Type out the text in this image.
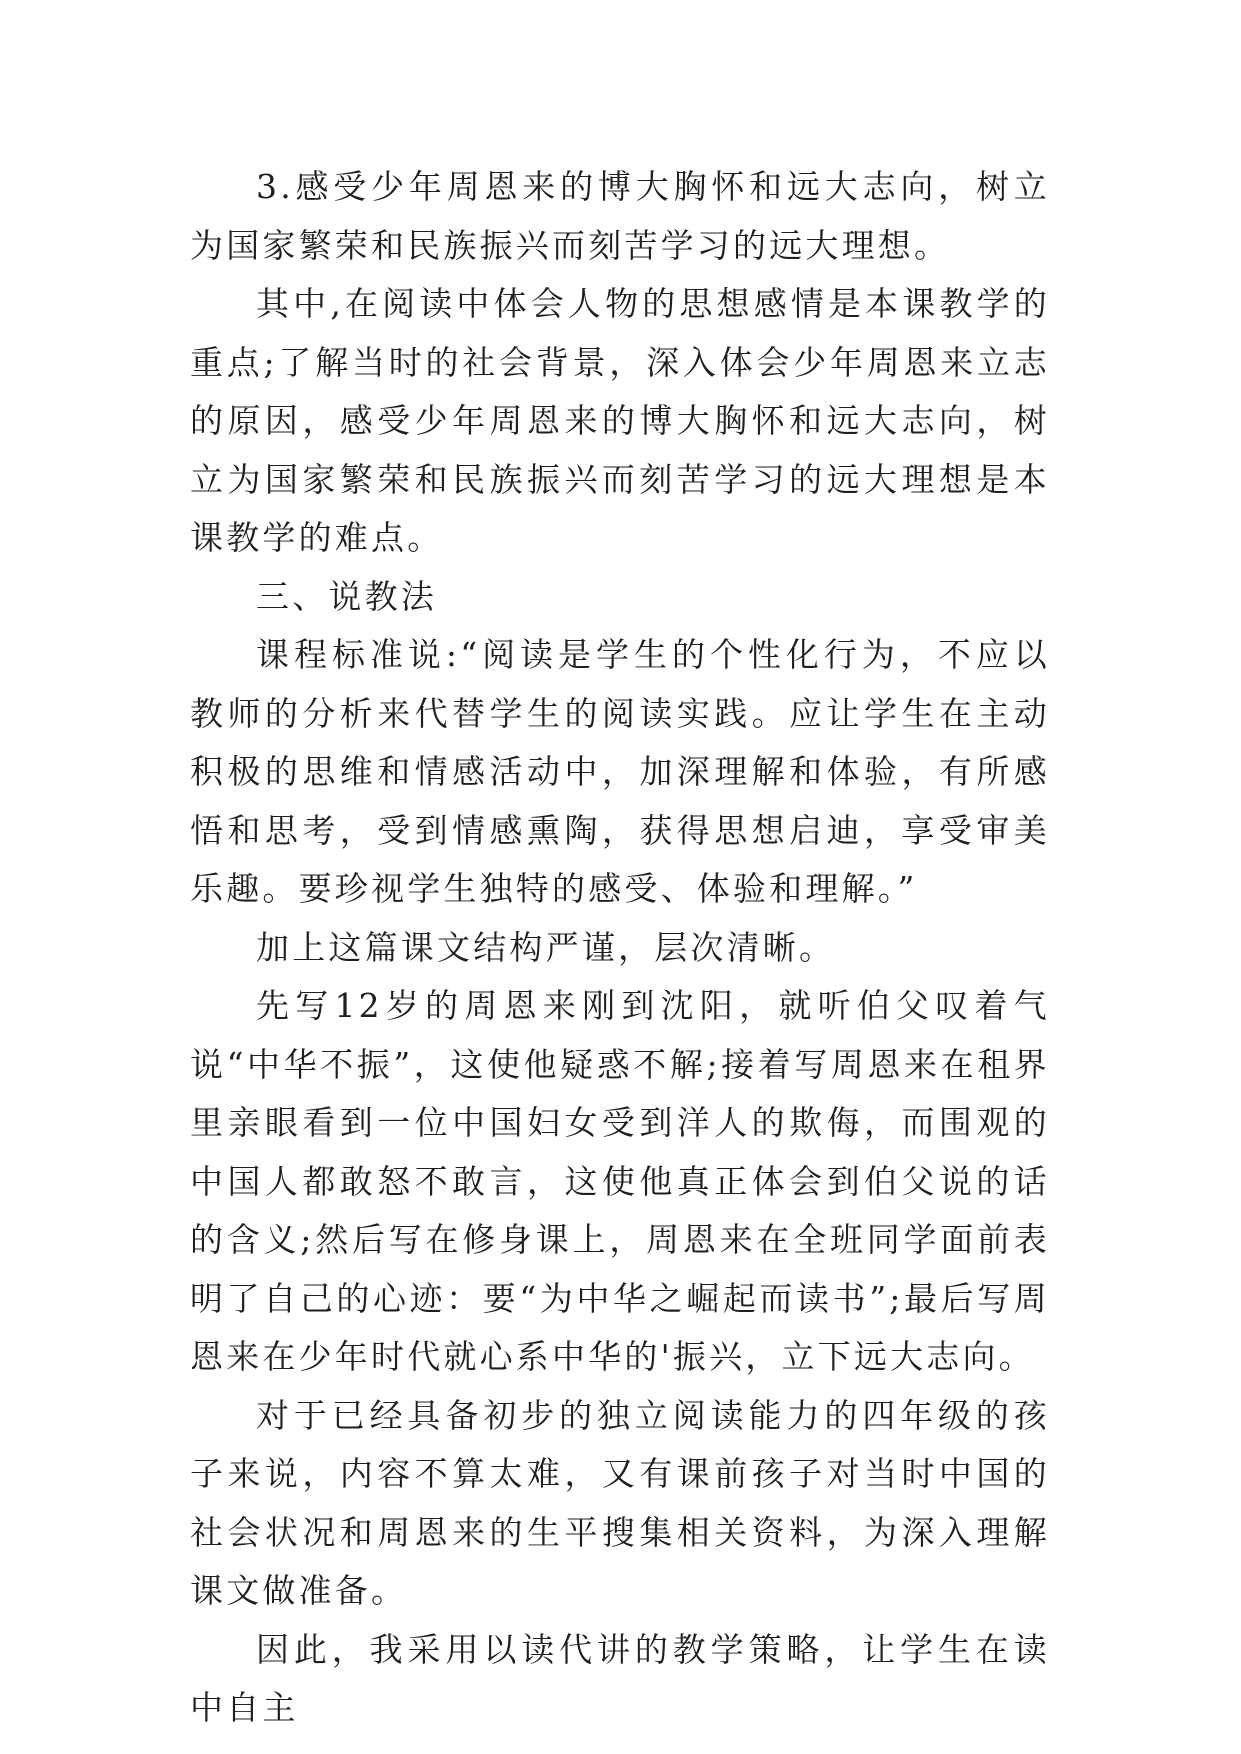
3.感受少年周恩来的博大胸怀和远大志向，树立为国家繁荣和民族振兴而刻苦学习的远大理想。

其中,在阅读中体会人物的思想感情是本课教学的重点;了解当时的社会背景，深入体会少年周恩来立志的原因，感受少年周恩来的博大胸怀和远大志向，树立为国家繁荣和民族振兴而刻苦学习的远大理想是本课教学的难点。

三、说教法

课程标准说:“阅读是学生的个性化行为，不应以教师的分析来代替学生的阅读实践。应让学生在主动积极的思维和情感活动中，加深理解和体验，有所感悟和思考，受到情感熏陶，获得思想启迪，享受审美乐趣。要珍视学生独特的感受、体验和理解。”

加上这篇课文结构严谨，层次清晰。

先写12岁的周恩来刚到沈阳，就听伯父叹着气说“中华不振”，这使他疑惑不解;接着写周恩来在租界里亲眼看到一位中国妇女受到洋人的欺侮，而围观的中国人都敢怒不敢言，这使他真正体会到伯父说的话的含义;然后写在修身课上，周恩来在全班同学面前表明了自己的心迹：要“为中华之崛起而读书”;最后写周恩来在少年时代就心系中华的'振兴，立下远大志向。

对于已经具备初步的独立阅读能力的四年级的孩子来说，内容不算太难，又有课前孩子对当时中国的社会状况和周恩来的生平搜集相关资料，为深入理解课文做准备。

因此，我采用以读代讲的教学策略，让学生在读中自主
